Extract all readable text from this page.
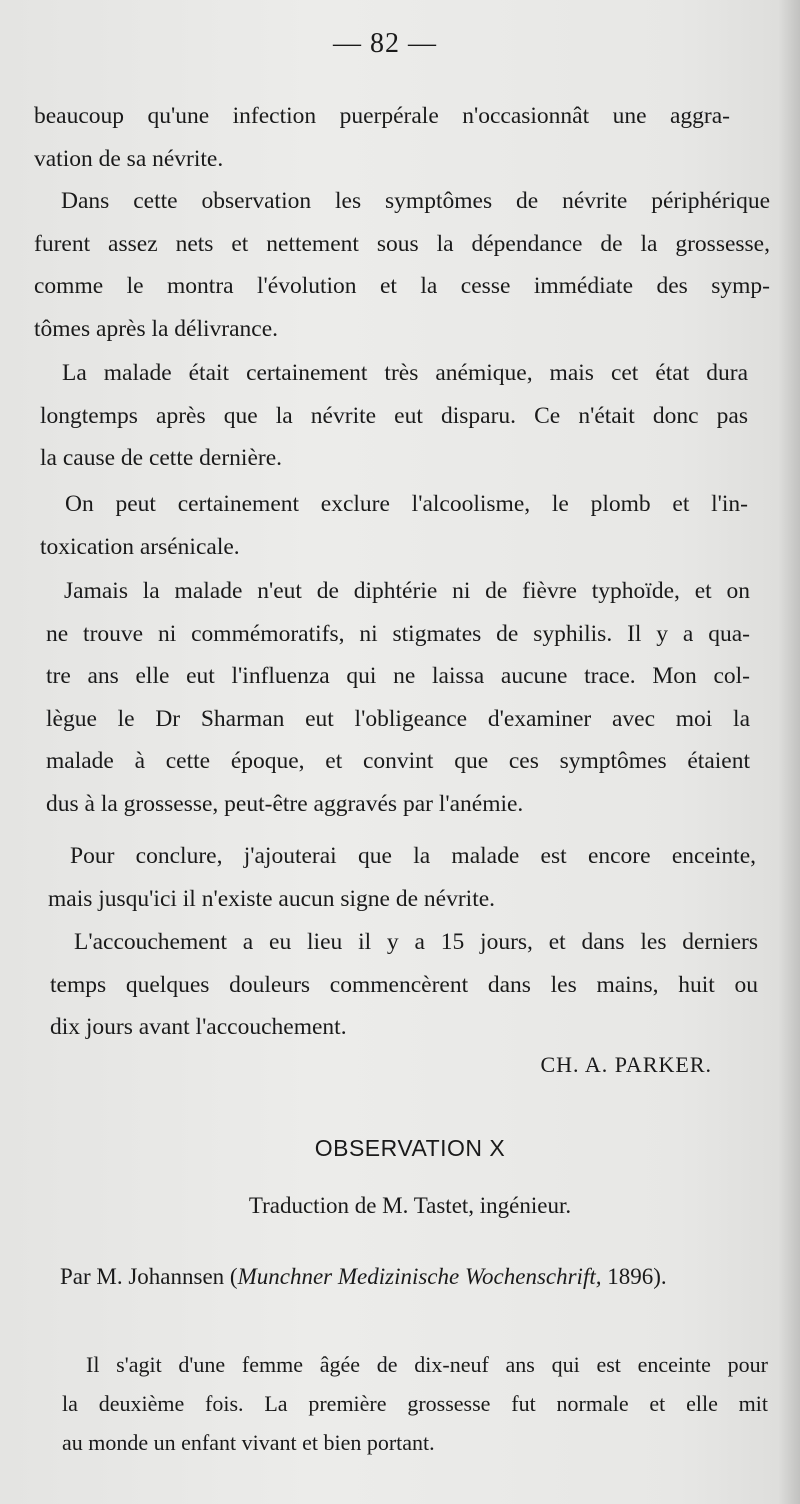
— 82 —
beaucoup qu'une infection puerpérale n'occasionnât une aggra-
vation de sa névrite.
Dans cette observation les symptômes de névrite périphérique
furent assez nets et nettement sous la dépendance de la grossesse,
comme le montra l'évolution et la cesse immédiate des symp-
tômes après la délivrance.
La malade était certainement très anémique, mais cet état dura
longtemps après que la névrite eut disparu. Ce n'était donc pas
la cause de cette dernière.
On peut certainement exclure l'alcoolisme, le plomb et l'in-
toxication arsénicale.
Jamais la malade n'eut de diphtérie ni de fièvre typhoïde, et on
ne trouve ni commémoratifs, ni stigmates de syphilis. Il y a qua-
tre ans elle eut l'influenza qui ne laissa aucune trace. Mon col-
lègue le Dr Sharman eut l'obligeance d'examiner avec moi la
malade à cette époque, et convint que ces symptômes étaient
dus à la grossesse, peut-être aggravés par l'anémie.
Pour conclure, j'ajouterai que la malade est encore enceinte,
mais jusqu'ici il n'existe aucun signe de névrite.
L'accouchement a eu lieu il y a 15 jours, et dans les derniers
temps quelques douleurs commencèrent dans les mains, huit ou
dix jours avant l'accouchement.
CH. A. PARKER.
OBSERVATION X
Traduction de M. Tastet, ingénieur.
Par M. Johannsen (Munchner Medizinische Wochenschrift, 1896).
Il s'agit d'une femme âgée de dix-neuf ans qui est enceinte pour
la deuxième fois. La première grossesse fut normale et elle mit
au monde un enfant vivant et bien portant.
